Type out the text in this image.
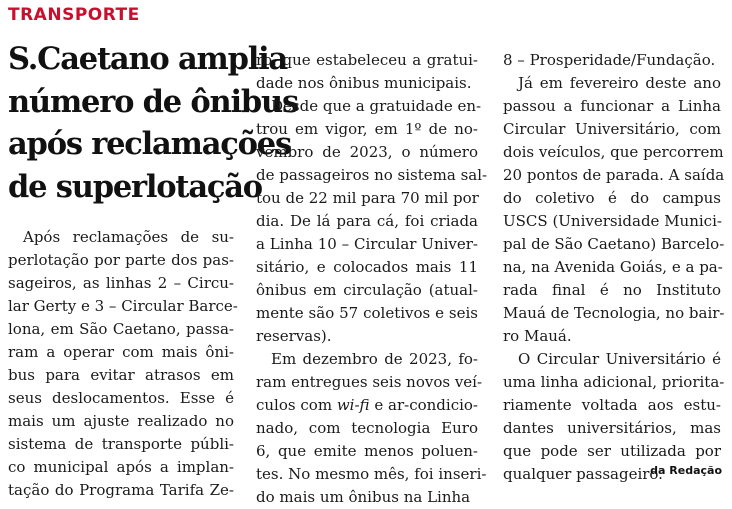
TRANSPORTE
S.Caetano amplia
número de ônibus
após reclamações
de superlotação
 Após reclamações de su-
perlotação por parte dos pas-
sageiros, as linhas 2 – Circu-
lar Gerty e 3 – Circular Barce-
lona, em São Caetano, passa-
ram a operar com mais ôni-
bus para evitar atrasos em
seus deslocamentos. Esse é
mais um ajuste realizado no
sistema de transporte públi-
co municipal após a implan-
tação do Programa Tarifa Ze-
ro, que estabeleceu a gratui-
dade nos ônibus municipais.
 Desde que a gratuidade en-
trou em vigor, em 1º de no-
vembro de 2023, o número
de passageiros no sistema sal-
tou de 22 mil para 70 mil por
dia. De lá para cá, foi criada
a Linha 10 – Circular Univer-
sitário, e colocados mais 11
ônibus em circulação (atual-
mente são 57 coletivos e seis
reservas).
 Em dezembro de 2023, fo-
ram entregues seis novos veí-
culos com wi-fi e ar-condicio-
nado, com tecnologia Euro
6, que emite menos poluen-
tes. No mesmo mês, foi inseri-
do mais um ônibus na Linha
8 – Prosperidade/Fundação.
 Já em fevereiro deste ano
passou a funcionar a Linha
Circular Universitário, com
dois veículos, que percorrem
20 pontos de parada. A saída
do coletivo é do campus
USCS (Universidade Munici-
pal de São Caetano) Barcelo-
na, na Avenida Goiás, e a pa-
rada final é no Instituto
Mauá de Tecnologia, no bair-
ro Mauá.
 O Circular Universitário é
uma linha adicional, priorita-
riamente voltada aos estu-
dantes universitários, mas
que pode ser utilizada por
qualquer passageiro.
da Redação
